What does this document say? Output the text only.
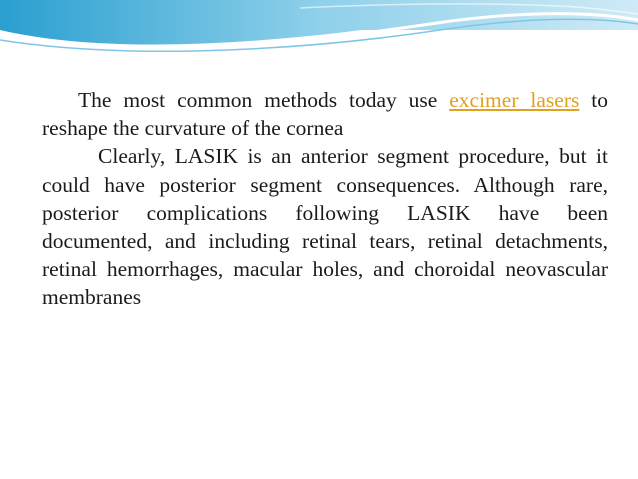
The most common methods today use excimer lasers to reshape the curvature of the cornea

Clearly, LASIK is an anterior segment procedure, but it could have posterior segment consequences. Although rare, posterior complications following LASIK have been documented, and including retinal tears, retinal detachments, retinal hemorrhages, macular holes, and choroidal neovascular membranes
